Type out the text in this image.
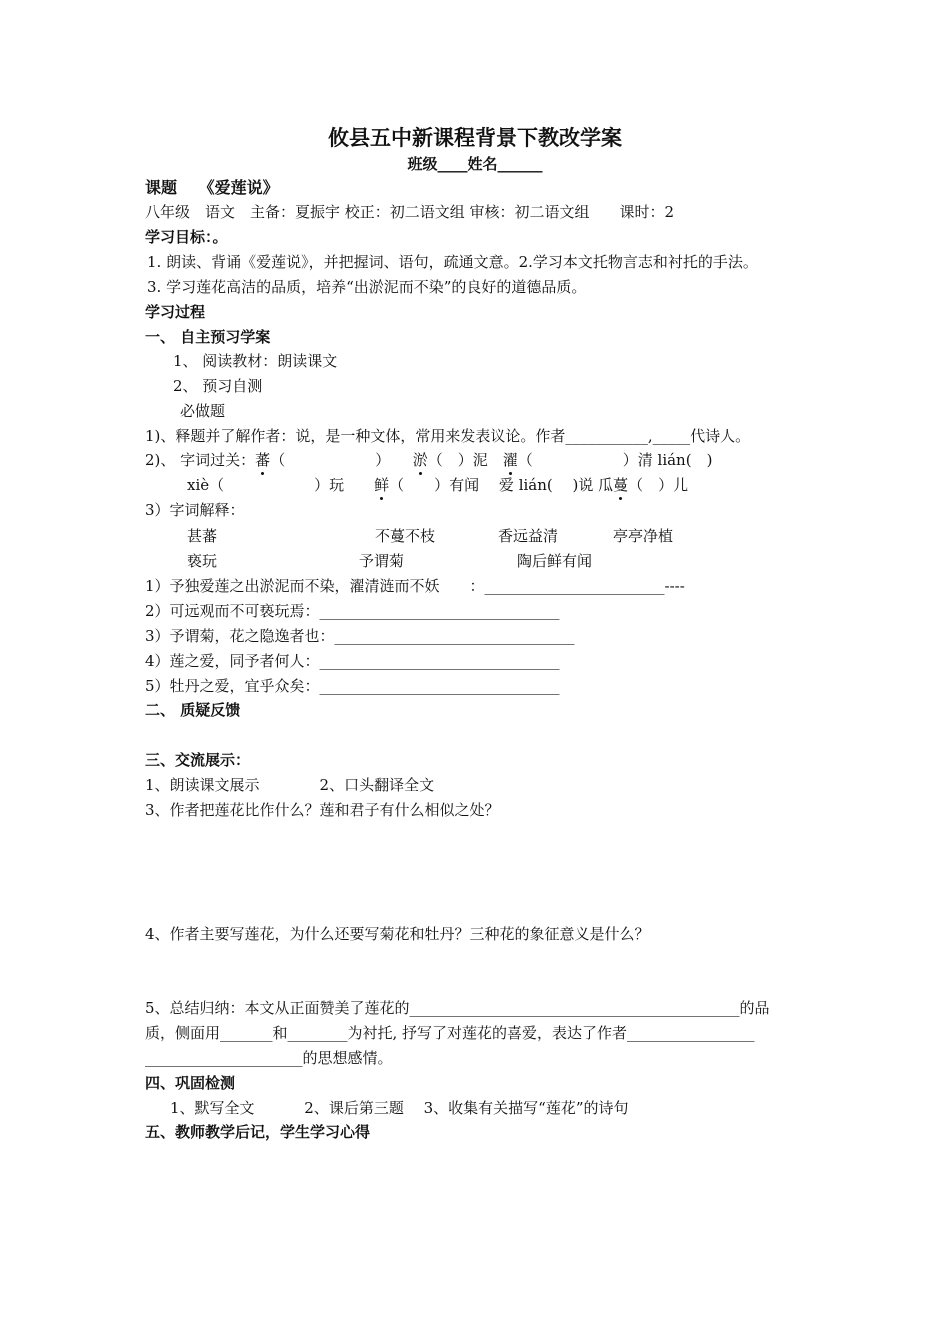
攸县五中新课程背景下教改学案
班级____姓名______
课题　 《爱莲说》
八年级　语文　主备：夏振宇 校正：初二语文组 审核：初二语文组　　课时：2
学习目标：。
1. 朗读、背诵《爱莲说》，并把握词、语句，疏通文意。2.学习本文托物言志和衬托的手法。
3. 学习莲花高洁的品质，培养“出淤泥而不染”的良好的道德品质。
学习过程
一、 自主预习学案
1、 阅读教材：朗读课文
2、 预习自测
必做题
1)、释题并了解作者：说，是一种文体，常用来发表议论。作者___________,_____代诗人。
2)、 字词过关：蕃（　　　　　　）　　淤（　）泥　濯（　　　　　　）清 lián(　)
xiè（　　　　　　）玩　　鲜（　　）有闻　 爱 lián(　 )说 瓜蔓（　）儿
3）字词解释：
甚蕃	不蔓不枝	香远益清	亭亭净植
亵玩	予谓菊	陶后鲜有闻
1）予独爱莲之出淤泥而不染，濯清涟而不妖　　：________________________----
2）可远观而不可亵玩焉：________________________________
3）予谓菊，花之隐逸者也：________________________________
4）莲之爱，同予者何人：________________________________
5）牡丹之爱，宜乎众矣：________________________________
二、 质疑反馈
三、交流展示：
1、朗读课文展示　　　　2、口头翻译全文
3、作者把莲花比作什么？莲和君子有什么相似之处？
4、作者主要写莲花，为什么还要写菊花和牡丹？三种花的象征意义是什么？
5、总结归纳：本文从正面赞美了莲花的____________________________________________的品
质，侧面用_______和________为衬托, 抒写了对莲花的喜爱，表达了作者_________________
_____________________的思想感情。
四、巩固检测
1、默写全文　　　 2、课后第三题　 3、收集有关描写“莲花”的诗句
五、教师教学后记，学生学习心得
